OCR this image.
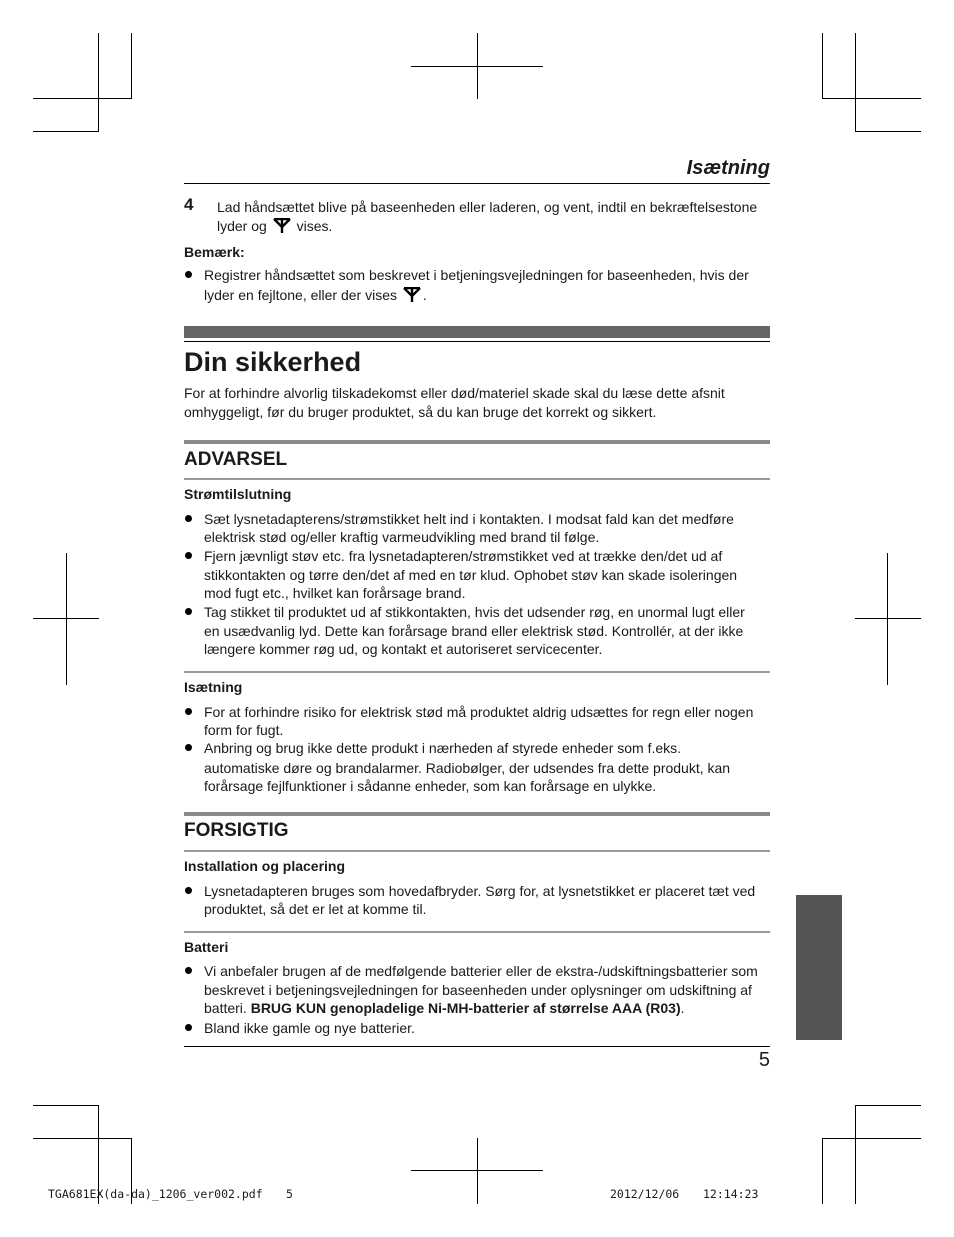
Isætning
4 Lad håndsættet blive på baseenheden eller laderen, og vent, indtil en bekræftelsestone
lyder og vises.
Bemærk:
Registrer håndsættet som beskrevet i betjeningsvejledningen for baseenheden, hvis der
lyder en fejltone, eller der vises .
Din sikkerhed
For at forhindre alvorlig tilskadekomst eller død/materiel skade skal du læse dette afsnit
omhyggeligt, før du bruger produktet, så du kan bruge det korrekt og sikkert.
ADVARSEL
Strømtilslutning
Sæt lysnetadapterens/strømstikket helt ind i kontakten. I modsat fald kan det medføre
elektrisk stød og/eller kraftig varmeudvikling med brand til følge.
Fjern jævnligt støv etc. fra lysnetadapteren/strømstikket ved at trække den/det ud af
stikkontakten og tørre den/det af med en tør klud. Ophobet støv kan skade isoleringen
mod fugt etc., hvilket kan forårsage brand.
Tag stikket til produktet ud af stikkontakten, hvis det udsender røg, en unormal lugt eller
en usædvanlig lyd. Dette kan forårsage brand eller elektrisk stød. Kontrollér, at der ikke
længere kommer røg ud, og kontakt et autoriseret servicecenter.
Isætning
For at forhindre risiko for elektrisk stød må produktet aldrig udsættes for regn eller nogen
form for fugt.
Anbring og brug ikke dette produkt i nærheden af styrede enheder som f.eks.
automatiske døre og brandalarmer. Radiobølger, der udsendes fra dette produkt, kan
forårsage fejlfunktioner i sådanne enheder, som kan forårsage en ulykke.
FORSIGTIG
Installation og placering
Lysnetadapteren bruges som hovedafbryder. Sørg for, at lysnetstikket er placeret tæt ved
produktet, så det er let at komme til.
Batteri
Vi anbefaler brugen af de medfølgende batterier eller de ekstra-/udskiftningsbatterier som
beskrevet i betjeningsvejledningen for baseenheden under oplysninger om udskiftning af
batteri. BRUG KUN genopladelige Ni-MH-batterier af størrelse AAA (R03).
Bland ikke gamle og nye batterier.
5
TGA681EX(da-da)_1206_ver002.pdf 5	2012/12/06 12:14:23
